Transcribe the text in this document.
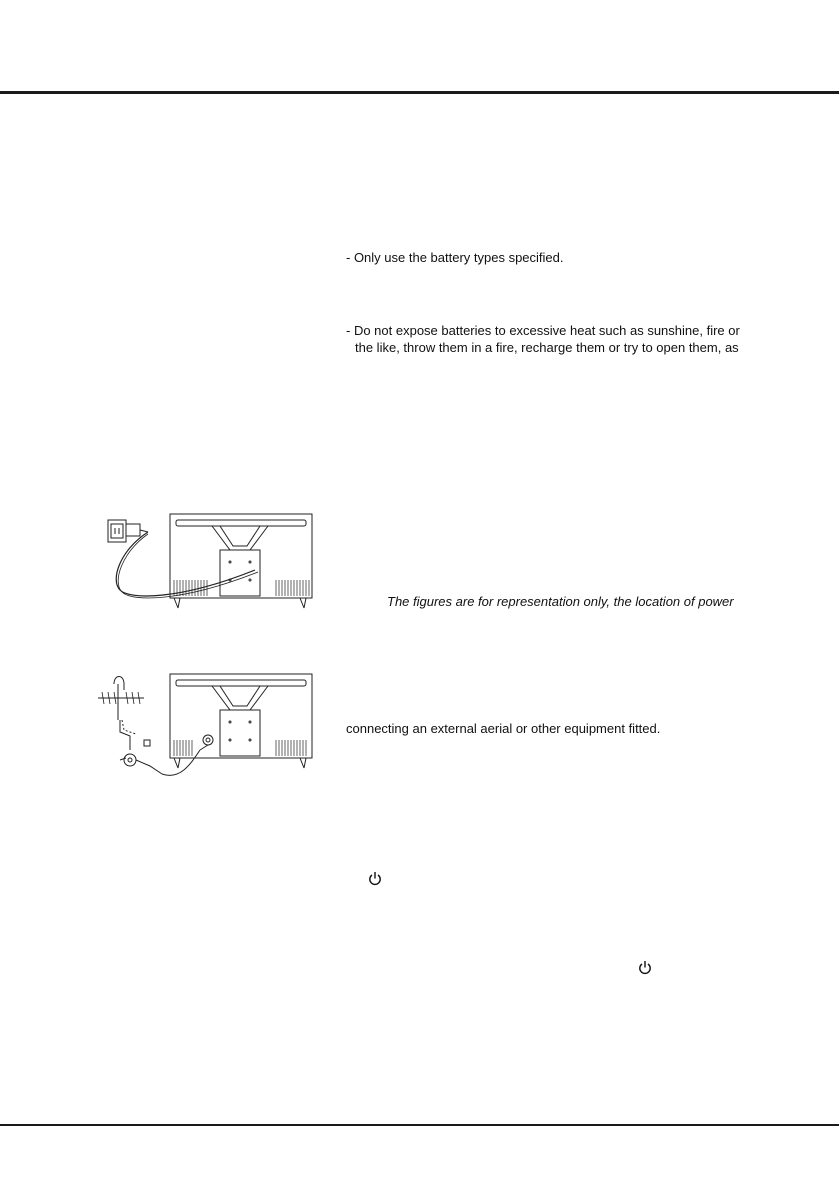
- Only use the battery types specified.
- Do not expose batteries to excessive heat such as sunshine, fire or
the like, throw them in a fire, recharge them or try to open them, as
The figures are for representation only, the location of power
connecting an external aerial or other equipment fitted.
